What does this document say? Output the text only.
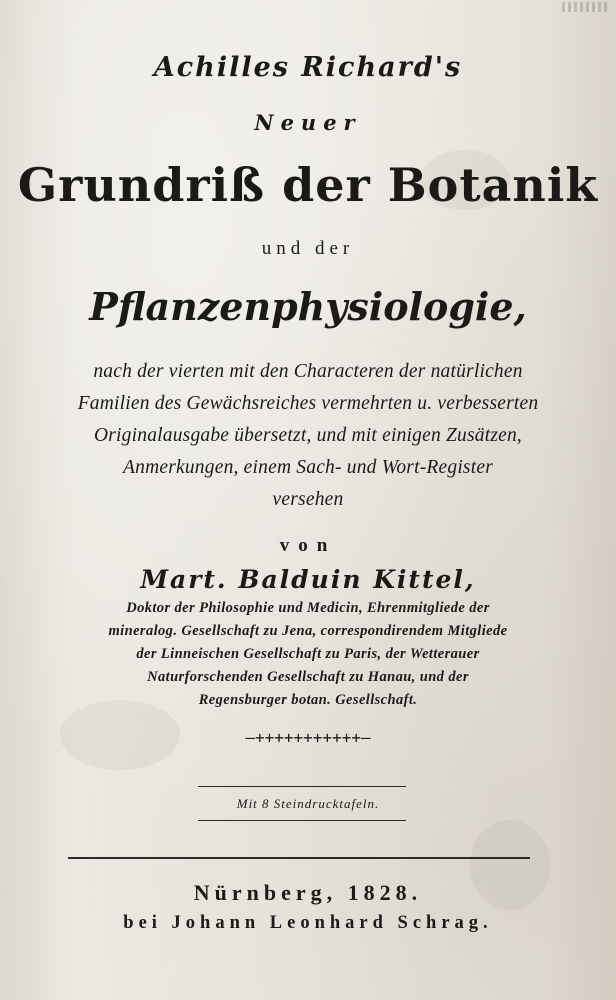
Achilles Richard's

Neuer

Grundriß der Botanik

und der

Pflanzenphysiologie,

nach der vierten mit den Characteren der natürlichen

Familien des Gewächsreiches vermehrten u. verbesserten

Originalausgabe übersetzt, und mit einigen Zusätzen,

Anmerkungen, einem Sach- und Wort-Register

versehen

von

Mart. Balduin Kittel,

Doktor der Philosophie und Medicin, Ehrenmitgliede der

mineralog. Gesellschaft zu Jena, correspondirendem Mitgliede

der Linneischen Gesellschaft zu Paris, der Wetterauer

Naturforschenden Gesellschaft zu Hanau, und der

Regensburger botan. Gesellschaft.

—+++++++++++—

Mit 8 Steindrucktafeln.

Nürnberg, 1828.

bei Johann Leonhard Schrag.
